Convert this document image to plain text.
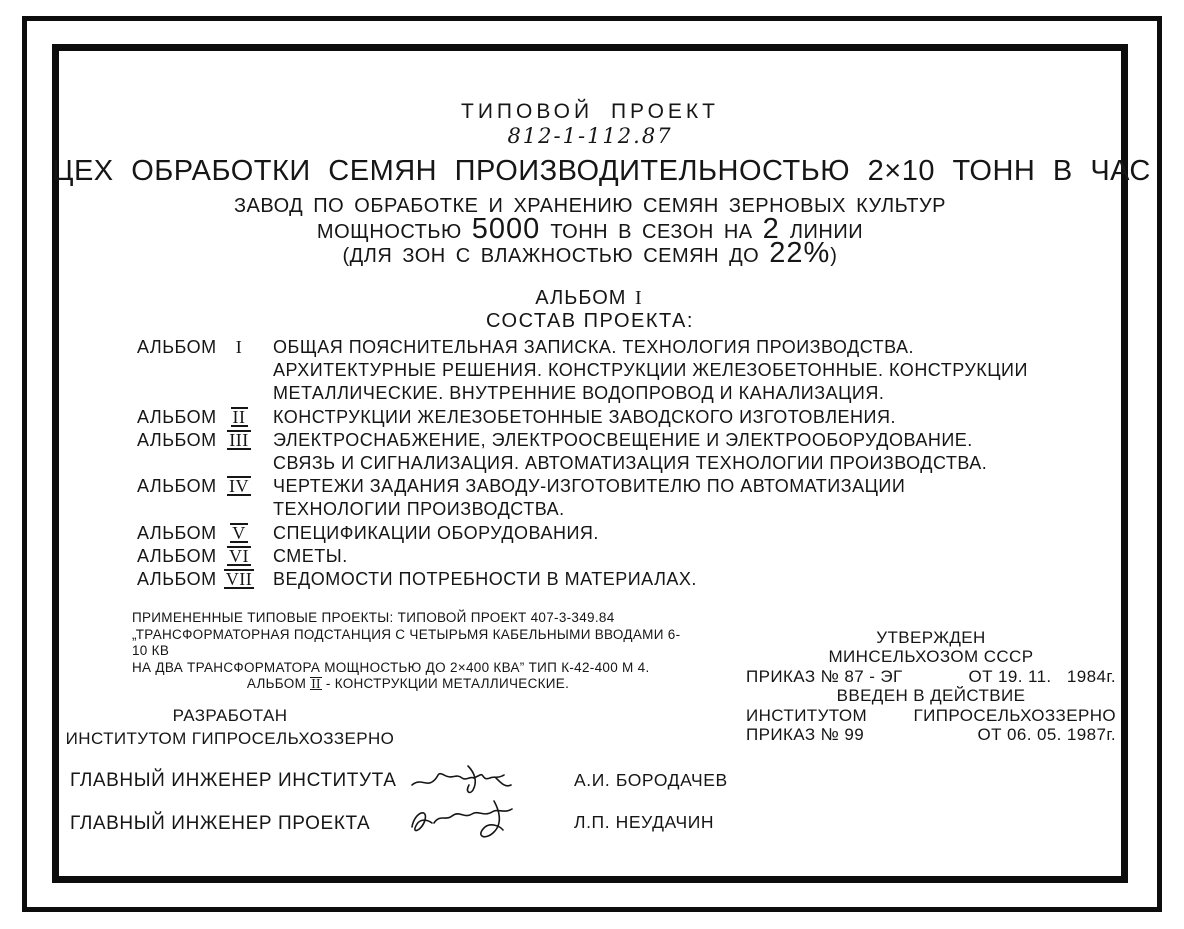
ТИПОВОЙ ПРОЕКТ
812-1-112.87
ЦЕХ ОБРАБОТКИ СЕМЯН ПРОИЗВОДИТЕЛЬНОСТЬЮ 2×10 ТОНН В ЧАС
ЗАВОД ПО ОБРАБОТКЕ И ХРАНЕНИЮ СЕМЯН ЗЕРНОВЫХ КУЛЬТУР
МОЩНОСТЬЮ 5000 ТОНН В СЕЗОН НА 2 ЛИНИИ
(ДЛЯ ЗОН С ВЛАЖНОСТЬЮ СЕМЯН ДО 22%)
АЛЬБОМ I
СОСТАВ ПРОЕКТА:
АЛЬБОМ	I	ОБЩАЯ ПОЯСНИТЕЛЬНАЯ ЗАПИСКА. ТЕХНОЛОГИЯ ПРОИЗВОДСТВА.
АРХИТЕКТУРНЫЕ РЕШЕНИЯ. КОНСТРУКЦИИ ЖЕЛЕЗОБЕТОННЫЕ. КОНСТРУКЦИИ
МЕТАЛЛИЧЕСКИЕ. ВНУТРЕННИЕ ВОДОПРОВОД И КАНАЛИЗАЦИЯ.
АЛЬБОМ II	КОНСТРУКЦИИ ЖЕЛЕЗОБЕТОННЫЕ ЗАВОДСКОГО ИЗГОТОВЛЕНИЯ.
АЛЬБОМ III	ЭЛЕКТРОСНАБЖЕНИЕ, ЭЛЕКТРООСВЕЩЕНИЕ И ЭЛЕКТРООБОРУДОВАНИЕ.
СВЯЗЬ И СИГНАЛИЗАЦИЯ. АВТОМАТИЗАЦИЯ ТЕХНОЛОГИИ ПРОИЗВОДСТВА.
АЛЬБОМ IV	ЧЕРТЕЖИ ЗАДАНИЯ ЗАВОДУ-ИЗГОТОВИТЕЛЮ ПО АВТОМАТИЗАЦИИ
ТЕХНОЛОГИИ ПРОИЗВОДСТВА.
АЛЬБОМ V	СПЕЦИФИКАЦИИ ОБОРУДОВАНИЯ.
АЛЬБОМ VI	СМЕТЫ.
АЛЬБОМ VII	ВЕДОМОСТИ ПОТРЕБНОСТИ В МАТЕРИАЛАХ.
ПРИМЕНЕННЫЕ ТИПОВЫЕ ПРОЕКТЫ: ТИПОВОЙ ПРОЕКТ 407-3-349.84
„ТРАНСФОРМАТОРНАЯ ПОДСТАНЦИЯ С ЧЕТЫРЬМЯ КАБЕЛЬНЫМИ ВВОДАМИ 6-10 КВ
НА ДВА ТРАНСФОРМАТОРА МОЩНОСТЬЮ ДО 2×400 КВА” ТИП К-42-400 М 4.
АЛЬБОМ II - КОНСТРУКЦИИ МЕТАЛЛИЧЕСКИЕ.
УТВЕРЖДЕН
МИНСЕЛЬХОЗОМ СССР
ПРИКАЗ № 87 - ЭГ	ОТ 19. 11.   1984г.
ВВЕДЕН В ДЕЙСТВИЕ
ИНСТИТУТОМ	ГИПРОСЕЛЬХОЗЗЕРНО
ПРИКАЗ № 99	ОТ 06. 05. 1987г.
РАЗРАБОТАН
ИНСТИТУТОМ ГИПРОСЕЛЬХОЗЗЕРНО
ГЛАВНЫЙ ИНЖЕНЕР ИНСТИТУТА	А.И. БОРОДАЧЕВ
ГЛАВНЫЙ ИНЖЕНЕР ПРОЕКТА	Л.П. НЕУДАЧИН
